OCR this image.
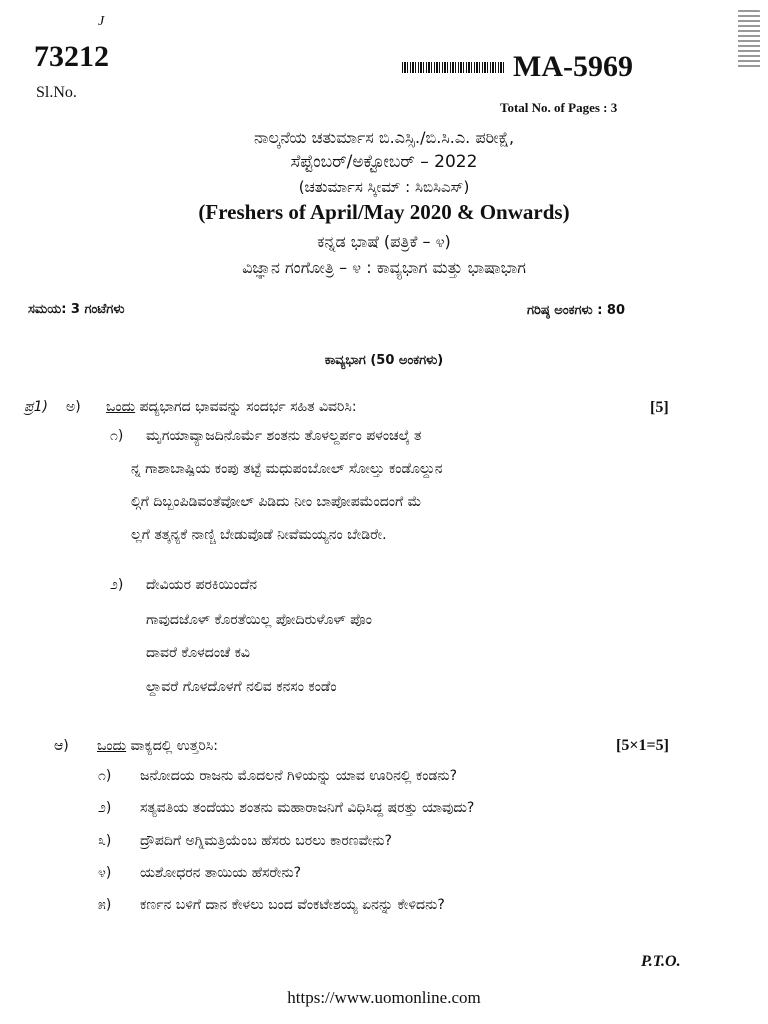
J
73212
Sl.No.
MA-5969
Total No. of Pages : 3
ನಾಲ್ಕನೆಯ ಚತುರ್ಮಾಸ ಬಿ.ಎಸ್ಸಿ./ಬಿ.ಸಿ.ಎ. ಪರೀಕ್ಷೆ,
ಸೆಪ್ಟೆಂಬರ್/ಅಕ್ಟೋಬರ್ – 2022
(ಚತುರ್ಮಾಸ ಸ್ಕೀಮ್ : ಸಿಬಿಸಿಎಸ್)
(Freshers of April/May 2020 & Onwards)
ಕನ್ನಡ ಭಾಷೆ (ಪತ್ರಿಕೆ – ೪)
ವಿಜ್ಞಾನ ಗಂಗೋತ್ರಿ – ೪ : ಕಾವ್ಯಭಾಗ ಮತ್ತು ಭಾಷಾಭಾಗ
ಸಮಯ: 3 ಗಂಟೆಗಳು	ಗರಿಷ್ಠ ಅಂಕಗಳು : 80
ಕಾವ್ಯಭಾಗ (50 ಅಂಕಗಳು)
ಪ್ರ1) ಅ) ಒಂದು ಪದ್ಯಭಾಗದ ಭಾವವನ್ನು ಸಂದರ್ಭ ಸಹಿತ ವಿವರಿಸಿ:	[5]
೧) ಮೃಗಯಾವ್ಯಾಜದಿನೊರ್ಮೆ ಶಂತನು ತೊಳಲ್ದರ್ಪಂ ಪಳಂಚಲ್ಕೆ ತ
ನ್ನ ಗಾಶಾಬಾಷ್ಪಿಯ ಕಂಪು ತಟ್ಟೆ ಮಧುಪಂಬೋಲ್ ಸೋಲ್ತು ಕಂಡೊಲ್ದುನ
ಲ್ಗಿಗೆ ದಿಬ್ಬಂಪಿಡಿವಂತೆವೋಲ್ ಪಿಡಿದು ನೀಂ ಬಾಪೋಪಮೆಂದಂಗೆ ಮೆ
ಲ್ಲಗೆ ತತ್ಕನ್ಯಕೆ ನಾಣ್ಚಿ ಬೇಡುವೊಡೆ ನೀವೆಮಯ್ಯನಂ ಬೇಡಿರೇ.
೨) ದೇವಿಯರ ಪರಕಿಯಿಂದೆನ
ಗಾವುದಜೊಳ್ ಕೊರತೆಯಿಲ್ಲ ಪೋದಿರುಳೊಳ್ ಪೊಂ
ದಾವರೆ ಕೊಳದಂಚೆ ಕವಿ
ಲ್ದಾವರೆ ಗೊಳದೊಳಗೆ ನಲಿವ ಕನಸಂ ಕಂಡೆಂ
ಆ) ಒಂದು ವಾಕ್ಯದಲ್ಲಿ ಉತ್ತರಿಸಿ:	[5×1=5]
೧) ಜನೋದಯ ರಾಜನು ಮೊದಲನೆ ಗಿಳಿಯನ್ನು ಯಾವ ಊರಿನಲ್ಲಿ ಕಂಡನು?
೨) ಸತ್ಯವತಿಯ ತಂದೆಯು ಶಂತನು ಮಹಾರಾಜನಿಗೆ ವಿಧಿಸಿದ್ದ ಷರತ್ತು ಯಾವುದು?
೩) ದ್ರೌಪದಿಗೆ ಅಗ್ನಿಮತ್ರಿಯೆಂಬ ಹೆಸರು ಬರಲು ಕಾರಣವೇನು?
೪) ಯಶೋಧರನ ತಾಯಿಯ ಹೆಸರೇನು?
೫) ಕರ್ಣನ ಬಳಿಗೆ ದಾನ ಕೇಳಲು ಬಂದ ವೆಂಕಟೇಶಯ್ಯ ಏನನ್ನು ಕೇಳಿದನು?
P.T.O.
https://www.uomonline.com
